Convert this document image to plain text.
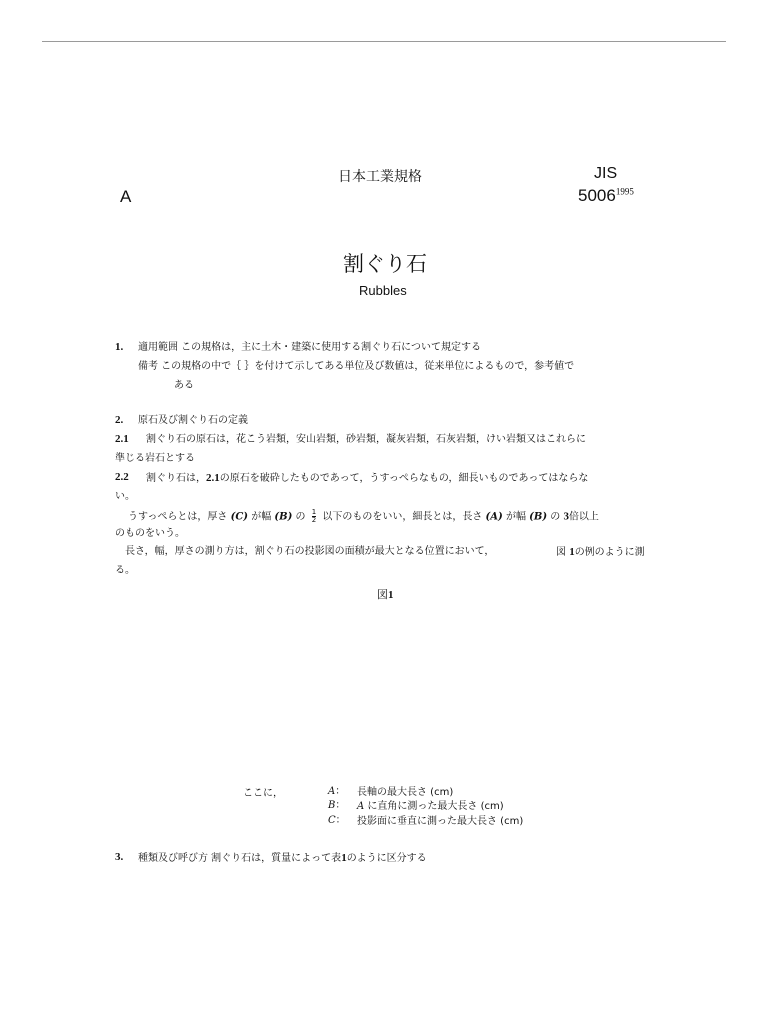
日本工業規格	JIS
A	$5006^{1995}$
割ぐり石
Rubbles
1. 適用範囲 この規格は，主に土木・建築に使用する割ぐり石について規定する
備考 この規格の中で｛ ｝を付けて示してある単位及び数値は，従来単位によるもので，参考値で
ある
2. 原石及び割ぐり石の定義
2.1 割ぐり石の原石は，花こう岩類，安山岩類，砂岩類，凝灰岩類，石灰岩類，けい岩類又はこれらに
準じる岩石とする
2.2 割ぐり石は，2.1の原石を破砕したものであって，うすっぺらなもの，細長いものであってはならな
い。
うすっぺらとは，厚さ (C) が幅 (B) の $\frac{1}{2}$ 以下のものをいい，細長とは，長さ (A) が幅 (B) の 3倍以上
のものをいう。
長さ，幅，厚さの測り方は，割ぐり石の投影図の面積が最大となる位置において，	図 1の例のように測
る。
図1
ここに，	A： 長軸の最大長さ (cm)
B： A に直角に測った最大長さ (cm)
C： 投影面に垂直に測った最大長さ (cm)
3. 種類及び呼び方 割ぐり石は，質量によって表1のように区分する
